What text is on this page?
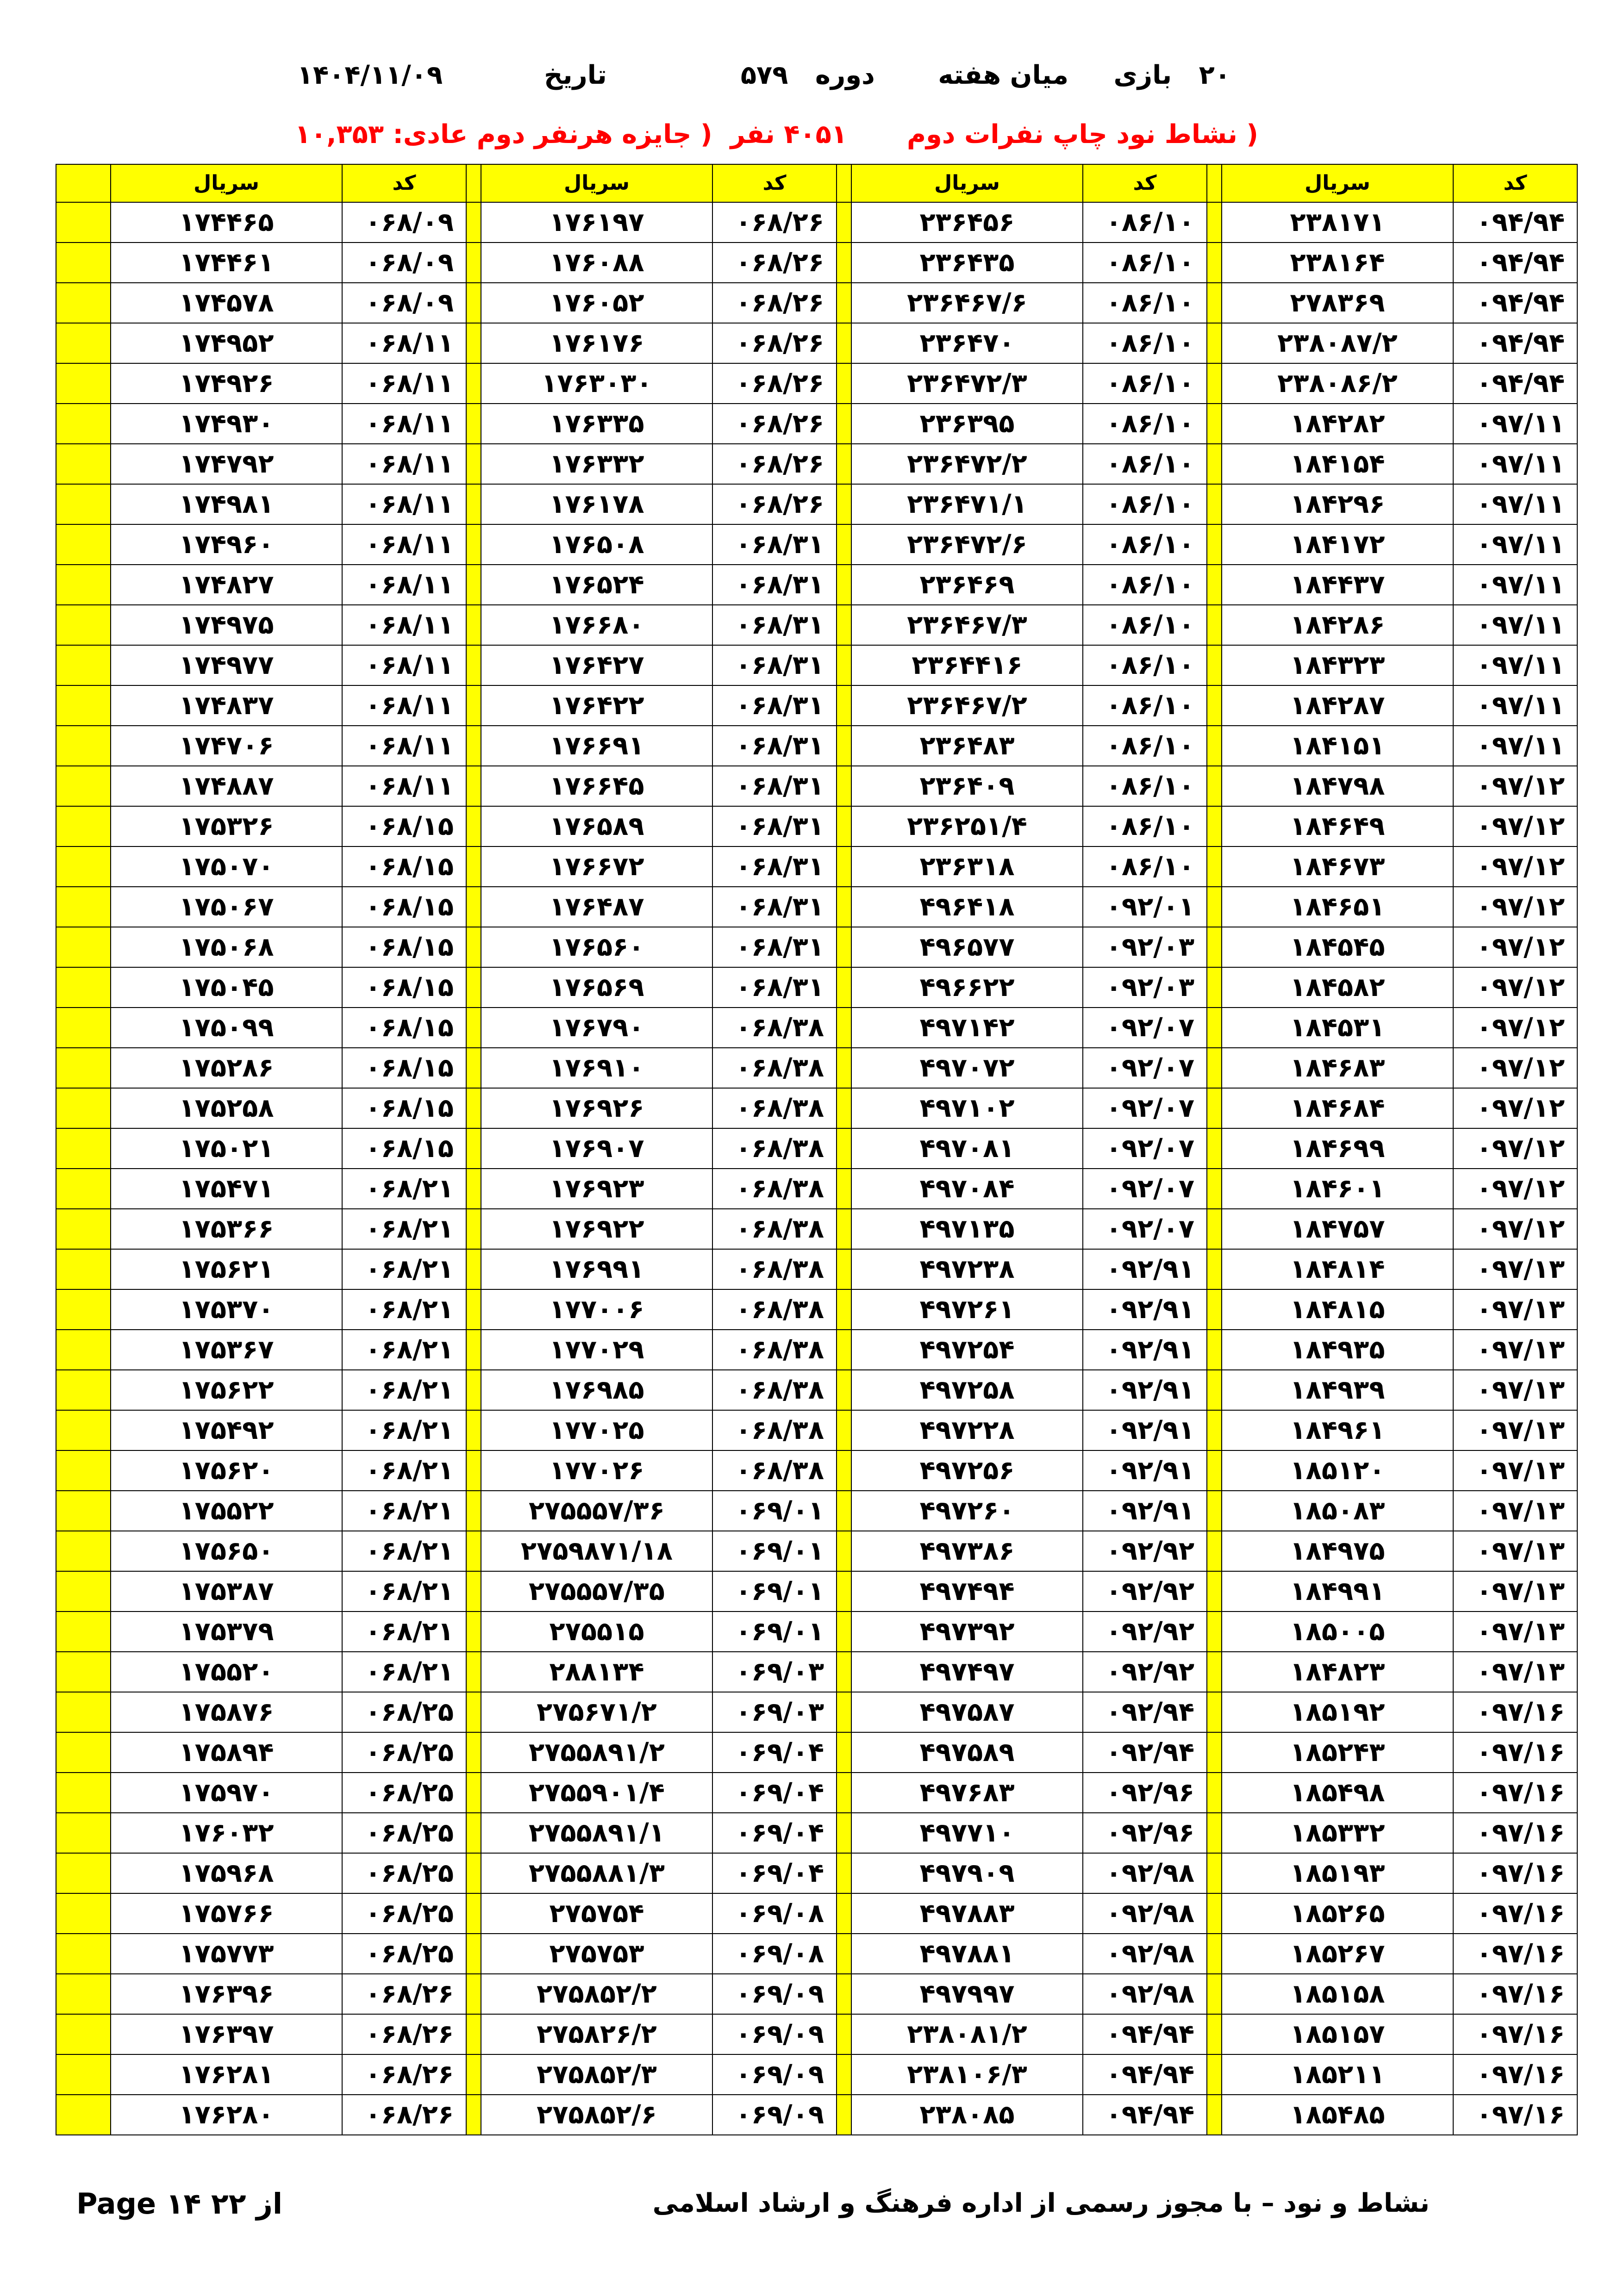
۲۰   بازی     میان هفته       دوره   ۵۷۹  تاریخ  ۱۴۰۴/۱۱/۰۹
( نشاط نود چاپ نفرات دوم  ۴۰۵۱ نفر  ( جایزه هرنفر دوم عادی: ۱۰,۳۵۳
کد	سریال		کد	سریال		کد	سریال		کد	سریال	
۰۹۴/۹۴	۲۳۸۱۷۱		۰۸۶/۱۰	۲۳۶۴۵۶		۰۶۸/۲۶	۱۷۶۱۹۷		۰۶۸/۰۹	۱۷۴۴۶۵	
۰۹۴/۹۴	۲۳۸۱۶۴		۰۸۶/۱۰	۲۳۶۴۳۵		۰۶۸/۲۶	۱۷۶۰۸۸		۰۶۸/۰۹	۱۷۴۴۶۱	
۰۹۴/۹۴	۲۷۸۳۶۹		۰۸۶/۱۰	۲۳۶۴۶۷/۶		۰۶۸/۲۶	۱۷۶۰۵۲		۰۶۸/۰۹	۱۷۴۵۷۸	
۰۹۴/۹۴	۲۳۸۰۸۷/۲		۰۸۶/۱۰	۲۳۶۴۷۰		۰۶۸/۲۶	۱۷۶۱۷۶		۰۶۸/۱۱	۱۷۴۹۵۲	
۰۹۴/۹۴	۲۳۸۰۸۶/۲		۰۸۶/۱۰	۲۳۶۴۷۲/۳		۰۶۸/۲۶	۱۷۶۳۰۳۰		۰۶۸/۱۱	۱۷۴۹۲۶	
۰۹۷/۱۱	۱۸۴۲۸۲		۰۸۶/۱۰	۲۳۶۳۹۵		۰۶۸/۲۶	۱۷۶۳۳۵		۰۶۸/۱۱	۱۷۴۹۳۰	
۰۹۷/۱۱	۱۸۴۱۵۴		۰۸۶/۱۰	۲۳۶۴۷۲/۲		۰۶۸/۲۶	۱۷۶۳۳۲		۰۶۸/۱۱	۱۷۴۷۹۲	
۰۹۷/۱۱	۱۸۴۲۹۶		۰۸۶/۱۰	۲۳۶۴۷۱/۱		۰۶۸/۲۶	۱۷۶۱۷۸		۰۶۸/۱۱	۱۷۴۹۸۱	
۰۹۷/۱۱	۱۸۴۱۷۲		۰۸۶/۱۰	۲۳۶۴۷۲/۶		۰۶۸/۳۱	۱۷۶۵۰۸		۰۶۸/۱۱	۱۷۴۹۶۰	
۰۹۷/۱۱	۱۸۴۴۳۷		۰۸۶/۱۰	۲۳۶۴۶۹		۰۶۸/۳۱	۱۷۶۵۲۴		۰۶۸/۱۱	۱۷۴۸۲۷	
۰۹۷/۱۱	۱۸۴۲۸۶		۰۸۶/۱۰	۲۳۶۴۶۷/۳		۰۶۸/۳۱	۱۷۶۶۸۰		۰۶۸/۱۱	۱۷۴۹۷۵	
۰۹۷/۱۱	۱۸۴۳۲۳		۰۸۶/۱۰	۲۳۶۴۴۱۶		۰۶۸/۳۱	۱۷۶۴۲۷		۰۶۸/۱۱	۱۷۴۹۷۷	
۰۹۷/۱۱	۱۸۴۲۸۷		۰۸۶/۱۰	۲۳۶۴۶۷/۲		۰۶۸/۳۱	۱۷۶۴۲۲		۰۶۸/۱۱	۱۷۴۸۳۷	
۰۹۷/۱۱	۱۸۴۱۵۱		۰۸۶/۱۰	۲۳۶۴۸۳		۰۶۸/۳۱	۱۷۶۶۹۱		۰۶۸/۱۱	۱۷۴۷۰۶	
۰۹۷/۱۲	۱۸۴۷۹۸		۰۸۶/۱۰	۲۳۶۴۰۹		۰۶۸/۳۱	۱۷۶۶۴۵		۰۶۸/۱۱	۱۷۴۸۸۷	
۰۹۷/۱۲	۱۸۴۶۴۹		۰۸۶/۱۰	۲۳۶۲۵۱/۴		۰۶۸/۳۱	۱۷۶۵۸۹		۰۶۸/۱۵	۱۷۵۳۲۶	
۰۹۷/۱۲	۱۸۴۶۷۳		۰۸۶/۱۰	۲۳۶۳۱۸		۰۶۸/۳۱	۱۷۶۶۷۲		۰۶۸/۱۵	۱۷۵۰۷۰	
۰۹۷/۱۲	۱۸۴۶۵۱		۰۹۲/۰۱	۴۹۶۴۱۸		۰۶۸/۳۱	۱۷۶۴۸۷		۰۶۸/۱۵	۱۷۵۰۶۷	
۰۹۷/۱۲	۱۸۴۵۴۵		۰۹۲/۰۳	۴۹۶۵۷۷		۰۶۸/۳۱	۱۷۶۵۶۰		۰۶۸/۱۵	۱۷۵۰۶۸	
۰۹۷/۱۲	۱۸۴۵۸۲		۰۹۲/۰۳	۴۹۶۶۲۲		۰۶۸/۳۱	۱۷۶۵۶۹		۰۶۸/۱۵	۱۷۵۰۴۵	
۰۹۷/۱۲	۱۸۴۵۳۱		۰۹۲/۰۷	۴۹۷۱۴۲		۰۶۸/۳۸	۱۷۶۷۹۰		۰۶۸/۱۵	۱۷۵۰۹۹	
۰۹۷/۱۲	۱۸۴۶۸۳		۰۹۲/۰۷	۴۹۷۰۷۲		۰۶۸/۳۸	۱۷۶۹۱۰		۰۶۸/۱۵	۱۷۵۲۸۶	
۰۹۷/۱۲	۱۸۴۶۸۴		۰۹۲/۰۷	۴۹۷۱۰۲		۰۶۸/۳۸	۱۷۶۹۲۶		۰۶۸/۱۵	۱۷۵۲۵۸	
۰۹۷/۱۲	۱۸۴۶۹۹		۰۹۲/۰۷	۴۹۷۰۸۱		۰۶۸/۳۸	۱۷۶۹۰۷		۰۶۸/۱۵	۱۷۵۰۲۱	
۰۹۷/۱۲	۱۸۴۶۰۱		۰۹۲/۰۷	۴۹۷۰۸۴		۰۶۸/۳۸	۱۷۶۹۲۳		۰۶۸/۲۱	۱۷۵۴۷۱	
۰۹۷/۱۲	۱۸۴۷۵۷		۰۹۲/۰۷	۴۹۷۱۳۵		۰۶۸/۳۸	۱۷۶۹۲۲		۰۶۸/۲۱	۱۷۵۳۶۶	
۰۹۷/۱۳	۱۸۴۸۱۴		۰۹۲/۹۱	۴۹۷۲۳۸		۰۶۸/۳۸	۱۷۶۹۹۱		۰۶۸/۲۱	۱۷۵۶۲۱	
۰۹۷/۱۳	۱۸۴۸۱۵		۰۹۲/۹۱	۴۹۷۲۶۱		۰۶۸/۳۸	۱۷۷۰۰۶		۰۶۸/۲۱	۱۷۵۳۷۰	
۰۹۷/۱۳	۱۸۴۹۳۵		۰۹۲/۹۱	۴۹۷۲۵۴		۰۶۸/۳۸	۱۷۷۰۲۹		۰۶۸/۲۱	۱۷۵۳۶۷	
۰۹۷/۱۳	۱۸۴۹۳۹		۰۹۲/۹۱	۴۹۷۲۵۸		۰۶۸/۳۸	۱۷۶۹۸۵		۰۶۸/۲۱	۱۷۵۶۲۲	
۰۹۷/۱۳	۱۸۴۹۶۱		۰۹۲/۹۱	۴۹۷۲۲۸		۰۶۸/۳۸	۱۷۷۰۲۵		۰۶۸/۲۱	۱۷۵۴۹۲	
۰۹۷/۱۳	۱۸۵۱۲۰		۰۹۲/۹۱	۴۹۷۲۵۶		۰۶۸/۳۸	۱۷۷۰۲۶		۰۶۸/۲۱	۱۷۵۶۲۰	
۰۹۷/۱۳	۱۸۵۰۸۳		۰۹۲/۹۱	۴۹۷۲۶۰		۰۶۹/۰۱	۲۷۵۵۵۷/۳۶		۰۶۸/۲۱	۱۷۵۵۲۲	
۰۹۷/۱۳	۱۸۴۹۷۵		۰۹۲/۹۲	۴۹۷۳۸۶		۰۶۹/۰۱	۲۷۵۹۸۷۱/۱۸		۰۶۸/۲۱	۱۷۵۶۵۰	
۰۹۷/۱۳	۱۸۴۹۹۱		۰۹۲/۹۲	۴۹۷۴۹۴		۰۶۹/۰۱	۲۷۵۵۵۷/۳۵		۰۶۸/۲۱	۱۷۵۳۸۷	
۰۹۷/۱۳	۱۸۵۰۰۵		۰۹۲/۹۲	۴۹۷۳۹۲		۰۶۹/۰۱	۲۷۵۵۱۵		۰۶۸/۲۱	۱۷۵۳۷۹	
۰۹۷/۱۳	۱۸۴۸۲۳		۰۹۲/۹۲	۴۹۷۴۹۷		۰۶۹/۰۳	۲۸۸۱۳۴		۰۶۸/۲۱	۱۷۵۵۲۰	
۰۹۷/۱۶	۱۸۵۱۹۲		۰۹۲/۹۴	۴۹۷۵۸۷		۰۶۹/۰۳	۲۷۵۶۷۱/۲		۰۶۸/۲۵	۱۷۵۸۷۶	
۰۹۷/۱۶	۱۸۵۲۴۳		۰۹۲/۹۴	۴۹۷۵۸۹		۰۶۹/۰۴	۲۷۵۵۸۹۱/۲		۰۶۸/۲۵	۱۷۵۸۹۴	
۰۹۷/۱۶	۱۸۵۴۹۸		۰۹۲/۹۶	۴۹۷۶۸۳		۰۶۹/۰۴	۲۷۵۵۹۰۱/۴		۰۶۸/۲۵	۱۷۵۹۷۰	
۰۹۷/۱۶	۱۸۵۳۳۲		۰۹۲/۹۶	۴۹۷۷۱۰		۰۶۹/۰۴	۲۷۵۵۸۹۱/۱		۰۶۸/۲۵	۱۷۶۰۳۲	
۰۹۷/۱۶	۱۸۵۱۹۳		۰۹۲/۹۸	۴۹۷۹۰۹		۰۶۹/۰۴	۲۷۵۵۸۸۱/۳		۰۶۸/۲۵	۱۷۵۹۶۸	
۰۹۷/۱۶	۱۸۵۲۶۵		۰۹۲/۹۸	۴۹۷۸۸۳		۰۶۹/۰۸	۲۷۵۷۵۴		۰۶۸/۲۵	۱۷۵۷۶۶	
۰۹۷/۱۶	۱۸۵۲۶۷		۰۹۲/۹۸	۴۹۷۸۸۱		۰۶۹/۰۸	۲۷۵۷۵۳		۰۶۸/۲۵	۱۷۵۷۷۳	
۰۹۷/۱۶	۱۸۵۱۵۸		۰۹۲/۹۸	۴۹۷۹۹۷		۰۶۹/۰۹	۲۷۵۸۵۲/۲		۰۶۸/۲۶	۱۷۶۳۹۶	
۰۹۷/۱۶	۱۸۵۱۵۷		۰۹۴/۹۴	۲۳۸۰۸۱/۲		۰۶۹/۰۹	۲۷۵۸۲۶/۲		۰۶۸/۲۶	۱۷۶۳۹۷	
۰۹۷/۱۶	۱۸۵۲۱۱		۰۹۴/۹۴	۲۳۸۱۰۶/۳		۰۶۹/۰۹	۲۷۵۸۵۲/۳		۰۶۸/۲۶	۱۷۶۲۸۱	
۰۹۷/۱۶	۱۸۵۴۸۵		۰۹۴/۹۴	۲۳۸۰۸۵		۰۶۹/۰۹	۲۷۵۸۵۲/۶		۰۶۸/۲۶	۱۷۶۲۸۰	
Page ۱۴ ۲۲ از	نشاط و نود – با مجوز رسمی از اداره فرهنگ و ارشاد اسلامی
